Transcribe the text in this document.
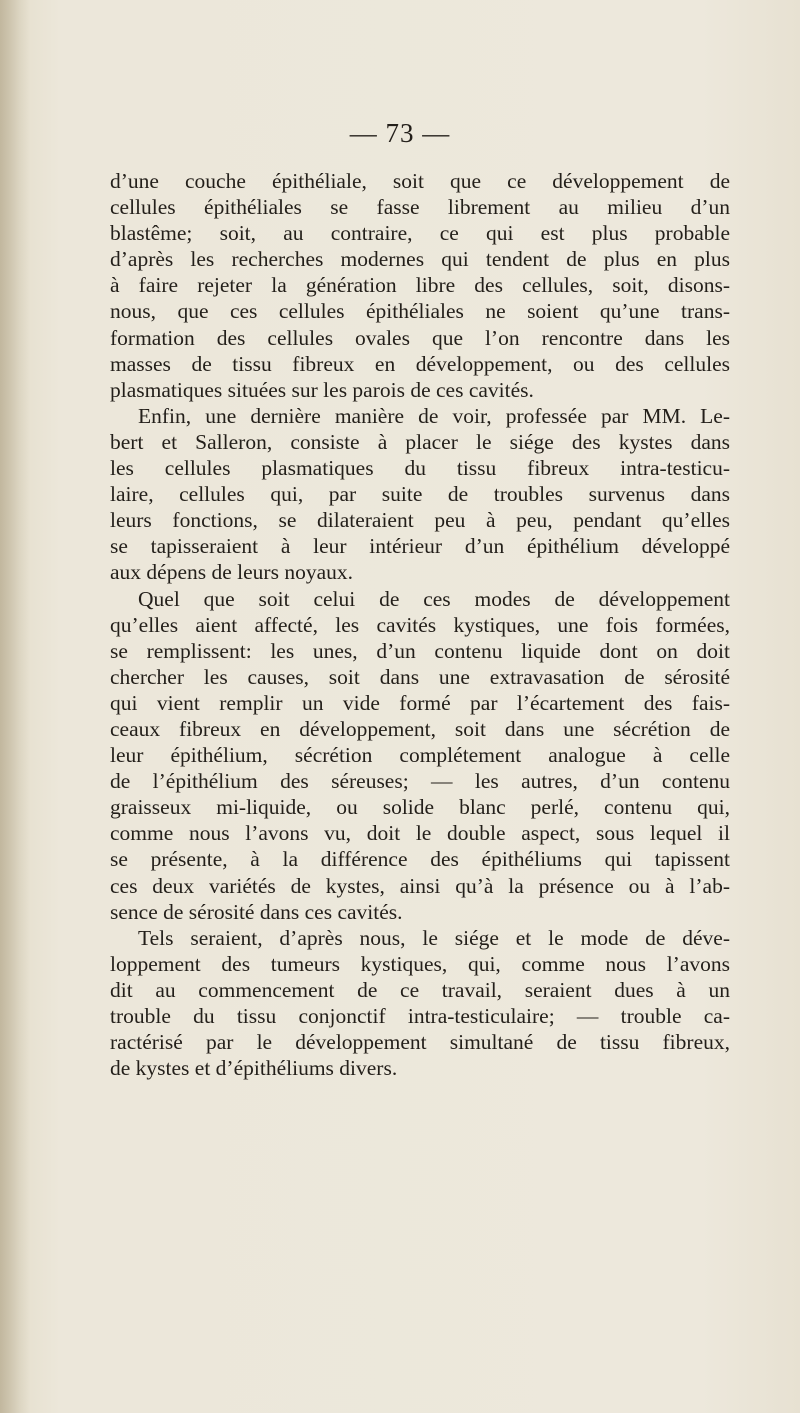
— 73 —
d’une couche épithéliale, soit que ce développement de
cellules épithéliales se fasse librement au milieu d’un
blastême; soit, au contraire, ce qui est plus probable
d’après les recherches modernes qui tendent de plus en plus
à faire rejeter la génération libre des cellules, soit, disons-
nous, que ces cellules épithéliales ne soient qu’une trans-
formation des cellules ovales que l’on rencontre dans les
masses de tissu fibreux en développement, ou des cellules
plasmatiques situées sur les parois de ces cavités.
Enfin, une dernière manière de voir, professée par MM. Le-
bert et Salleron, consiste à placer le siége des kystes dans
les cellules plasmatiques du tissu fibreux intra-testicu-
laire, cellules qui, par suite de troubles survenus dans
leurs fonctions, se dilateraient peu à peu, pendant qu’elles
se tapisseraient à leur intérieur d’un épithélium développé
aux dépens de leurs noyaux.
Quel que soit celui de ces modes de développement
qu’elles aient affecté, les cavités kystiques, une fois formées,
se remplissent: les unes, d’un contenu liquide dont on doit
chercher les causes, soit dans une extravasation de sérosité
qui vient remplir un vide formé par l’écartement des fais-
ceaux fibreux en développement, soit dans une sécrétion de
leur épithélium, sécrétion complétement analogue à celle
de l’épithélium des séreuses; — les autres, d’un contenu
graisseux mi-liquide, ou solide blanc perlé, contenu qui,
comme nous l’avons vu, doit le double aspect, sous lequel il
se présente, à la différence des épithéliums qui tapissent
ces deux variétés de kystes, ainsi qu’à la présence ou à l’ab-
sence de sérosité dans ces cavités.
Tels seraient, d’après nous, le siége et le mode de déve-
loppement des tumeurs kystiques, qui, comme nous l’avons
dit au commencement de ce travail, seraient dues à un
trouble du tissu conjonctif intra-testiculaire; — trouble ca-
ractérisé par le développement simultané de tissu fibreux,
de kystes et d’épithéliums divers.
